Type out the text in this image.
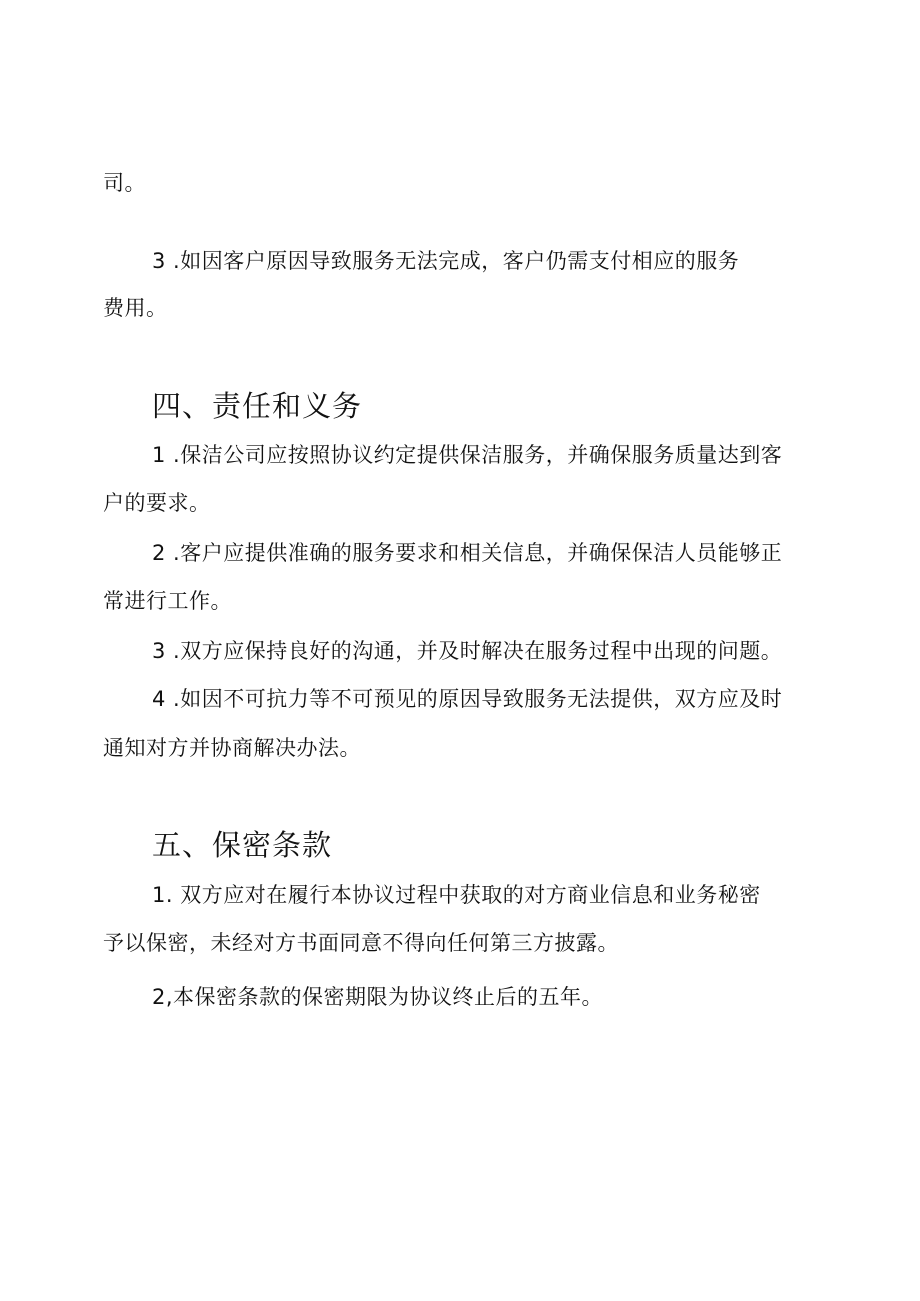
司。
3 .如因客户原因导致服务无法完成，客户仍需支付相应的服务
费用。
四、责任和义务
1 .保洁公司应按照协议约定提供保洁服务，并确保服务质量达到客
户的要求。
2 .客户应提供准确的服务要求和相关信息，并确保保洁人员能够正
常进行工作。
3 .双方应保持良好的沟通，并及时解决在服务过程中出现的问题。
4 .如因不可抗力等不可预见的原因导致服务无法提供，双方应及时
通知对方并协商解决办法。
五、保密条款
1. 双方应对在履行本协议过程中获取的对方商业信息和业务秘密
予以保密，未经对方书面同意不得向任何第三方披露。
2,本保密条款的保密期限为协议终止后的五年。
